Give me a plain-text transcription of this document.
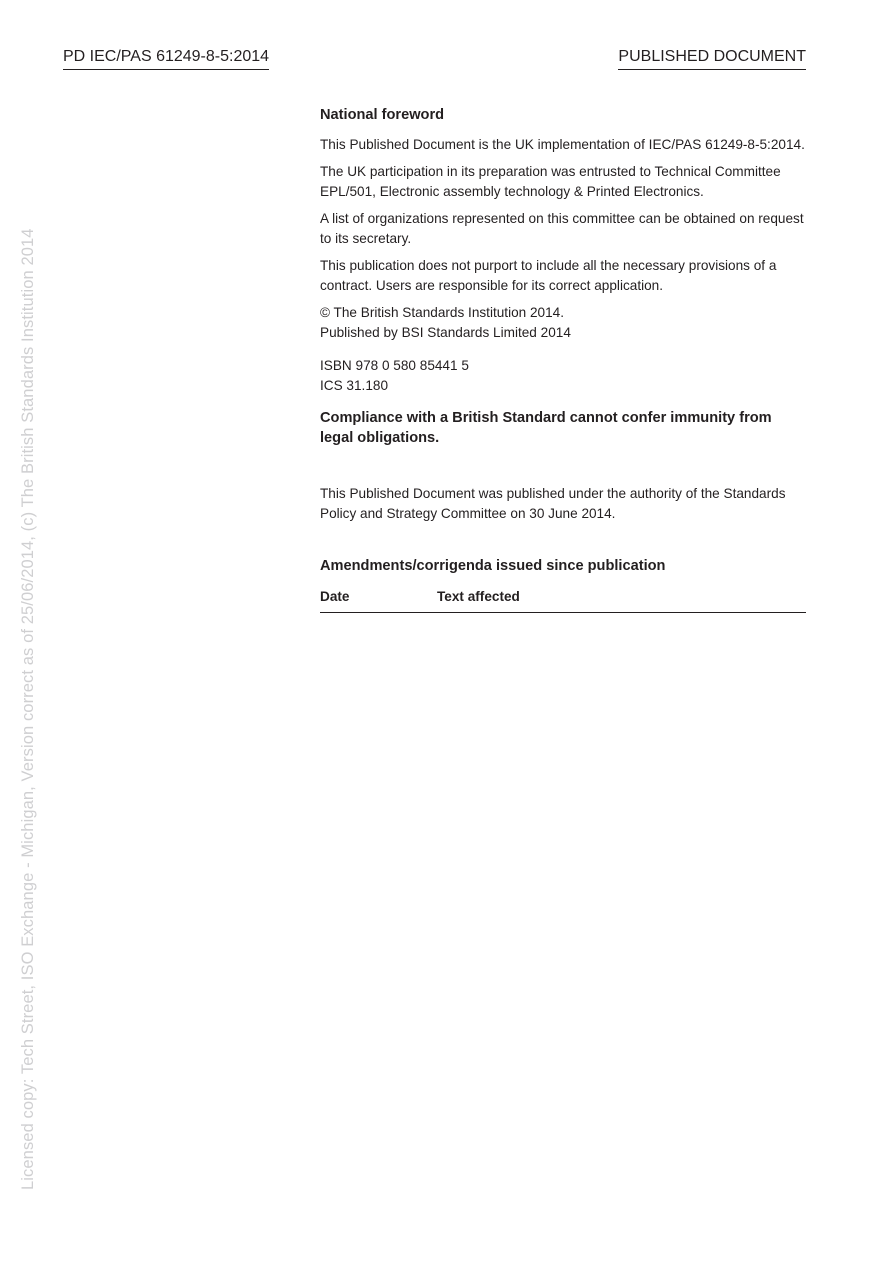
PD IEC/PAS 61249-8-5:2014	PUBLISHED DOCUMENT
Licensed copy: Tech Street, ISO Exchange - Michigan, Version correct as of 25/06/2014, (c) The British Standards Institution 2014

National foreword

This Published Document is the UK implementation of IEC/PAS 61249-8-5:2014.

The UK participation in its preparation was entrusted to Technical Committee EPL/501, Electronic assembly technology & Printed Electronics.

A list of organizations represented on this committee can be obtained on request to its secretary.

This publication does not purport to include all the necessary provisions of a contract. Users are responsible for its correct application.

© The British Standards Institution 2014.

Published by BSI Standards Limited 2014

ISBN 978 0 580 85441 5

ICS 31.180

Compliance with a British Standard cannot confer immunity from legal obligations.

This Published Document was published under the authority of the Standards Policy and Strategy Committee on 30 June 2014.

Amendments/corrigenda issued since publication

Date	Text affected
